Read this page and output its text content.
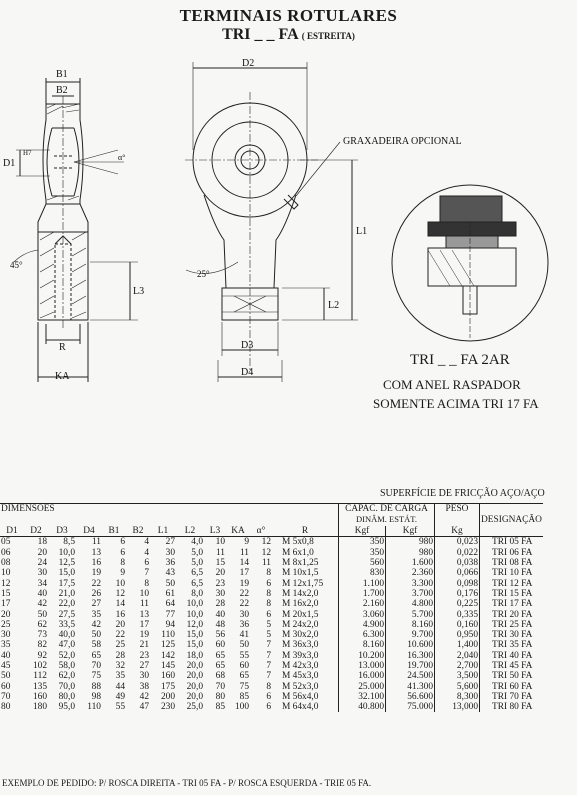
TERMINAIS ROTULARES
TRI _ _ FA ( ESTREITA)
B1
B2
D1
H7	α°
45°
L3
R
KA
D2
GRAXADEIRA OPCIONAL
L1
L2
25°
D3
D4
TRI _ _ FA 2AR
COM ANEL RASPADOR
SOMENTE ACIMA TRI 17 FA
SUPERFÍCIE DE FRICÇÃO AÇO/AÇO
DIMENSÕES												CAPAC. DE CARGA
DINÂM. ESTÁT.		PESO	DESIGNAÇÃO
D1	D2	D3	D4	B1	B2	L1	L2	L3	KA	α°	R	Kgf	Kgf	Kg	
05	18	8,5	11	6	4	27	4,0	10	9	12	M 5x0,8	350	980	0,023	TRI 05 FA
06	20	10,0	13	6	4	30	5,0	11	11	12	M 6x1,0	350	980	0,022	TRI 06 FA
08	24	12,5	16	8	6	36	5,0	15	14	11	M 8x1,25	560	1.600	0,038	TRI 08 FA
10	30	15,0	19	9	7	43	6,5	20	17	8	M 10x1,5	830	2.360	0,066	TRI 10 FA
12	34	17,5	22	10	8	50	6,5	23	19	6	M 12x1,75	1.100	3.300	0,098	TRI 12 FA
15	40	21,0	26	12	10	61	8,0	30	22	8	M 14x2,0	1.700	3.700	0,176	TRI 15 FA
17	42	22,0	27	14	11	64	10,0	28	22	8	M 16x2,0	2.160	4.800	0,225	TRI 17 FA
20	50	27,5	35	16	13	77	10,0	40	30	6	M 20x1,5	3.060	5.700	0,335	TRI 20 FA
25	62	33,5	42	20	17	94	12,0	48	36	5	M 24x2,0	4.900	8.160	0,160	TRI 25 FA
30	73	40,0	50	22	19	110	15,0	56	41	5	M 30x2,0	6.300	9.700	0,950	TRI 30 FA
35	82	47,0	58	25	21	125	15,0	60	50	7	M 36x3,0	8.160	10.600	1,400	TRI 35 FA
40	92	52,0	65	28	23	142	18,0	65	55	7	M 39x3,0	10.200	16.300	2,040	TRI 40 FA
45	102	58,0	70	32	27	145	20,0	65	60	7	M 42x3,0	13.000	19.700	2,700	TRI 45 FA
50	112	62,0	75	35	30	160	20,0	68	65	7	M 45x3,0	16.000	24.500	3,500	TRI 50 FA
60	135	70,0	88	44	38	175	20,0	70	75	8	M 52x3,0	25.000	41.300	5,600	TRI 60 FA
70	160	80,0	98	49	42	200	20,0	80	85	6	M 56x4,0	32.100	56.600	8,300	TRI 70 FA
80	180	95,0	110	55	47	230	25,0	85	100	6	M 64x4,0	40.800	75.000	13,000	TRI 80 FA
EXEMPLO DE PEDIDO: P/ ROSCA DIREITA - TRI 05 FA - P/ ROSCA ESQUERDA - TRIE 05 FA.
